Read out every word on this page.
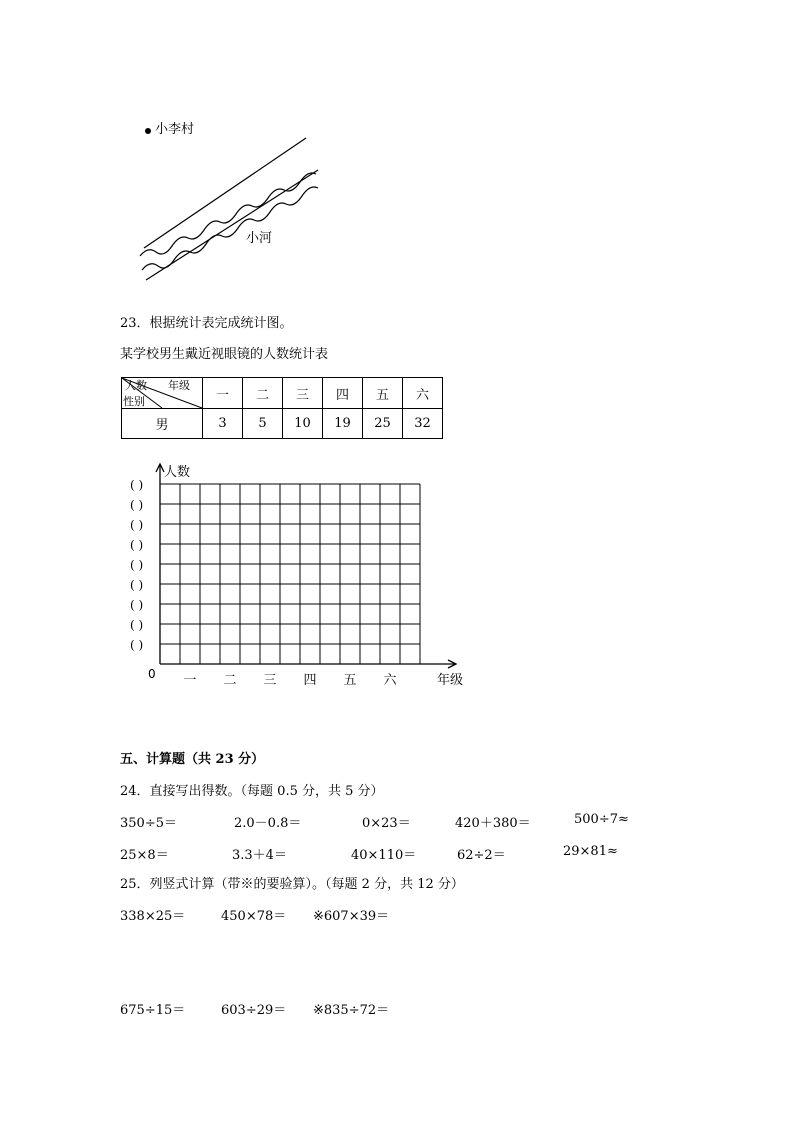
小李村
小河
23．根据统计表完成统计图。
某学校男生戴近视眼镜的人数统计表
人数 年级
性别	一	二	三	四	五	六
男	3	5	10	19	25	32
人数
( )
( )
( )
( )
( )
( )
( )
( )
( )
0 一 二 三 四 五 六	年级
五、计算题（共 23 分）
24．直接写出得数。（每题 0.5 分，共 5 分）
350÷5＝	2.0－0.8＝	0×23＝	420＋380＝	500÷7≈
25×8＝	3.3＋4＝	40×110＝	62÷2＝	29×81≈
25．列竖式计算（带※的要验算）。（每题 2 分，共 12 分）
338×25＝	450×78＝ ※607×39＝
675÷15＝	603÷29＝ ※835÷72＝
